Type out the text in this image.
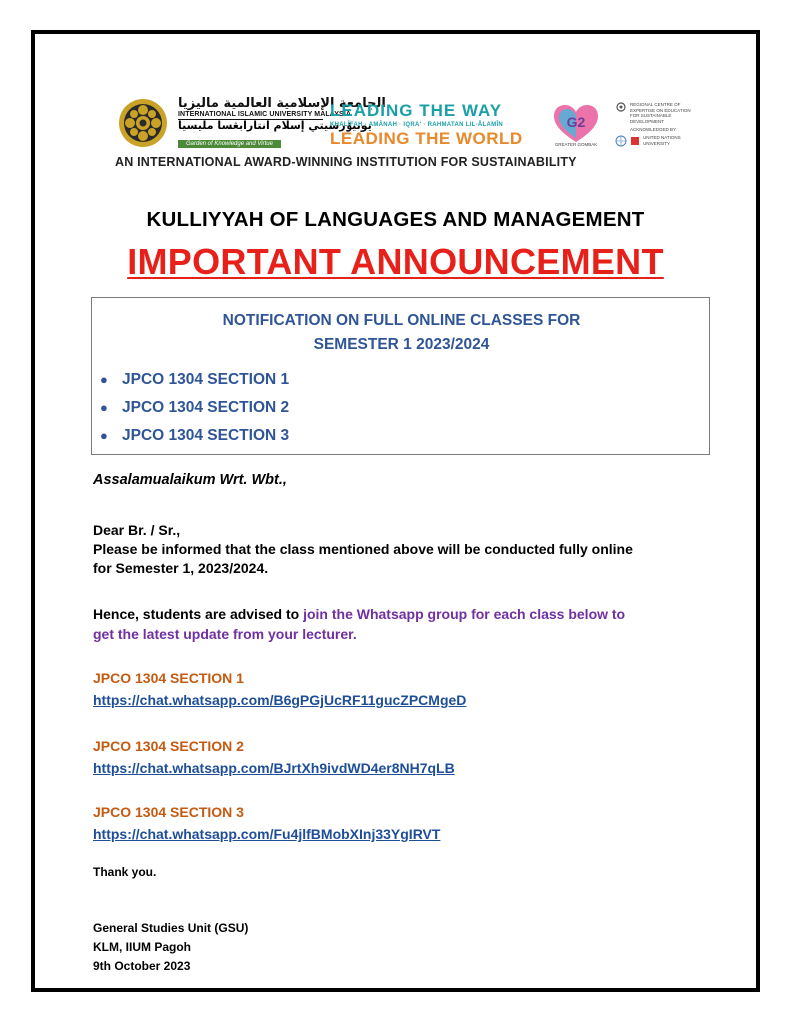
الجامعة الإسلامية العالمية ماليزيا
INTERNATIONAL ISLAMIC UNIVERSITY MALAYSIA
يونيۏرسيتي إسلام انتارابڠسا مليسيا
Garden of Knowledge and Virtue
LEADING THE WAY
KHALÎFAH · AMÂNAH · IQRA' · RAHMATAN LIL-ÂLAMÎN
LEADING THE WORLD
G2
GREATER GOMBAK
REGIONAL CENTRE OF EXPERTISE ON EDUCATION FOR SUSTAINABLE DEVELOPMENT
ACKNOWLEDGED BY
UNITED NATIONS UNIVERSITY
AN INTERNATIONAL AWARD-WINNING INSTITUTION FOR SUSTAINABILITY
KULLIYYAH OF LANGUAGES AND MANAGEMENT
IMPORTANT ANNOUNCEMENT
NOTIFICATION ON FULL ONLINE CLASSES FOR
SEMESTER 1 2023/2024
● JPCO 1304 SECTION 1
● JPCO 1304 SECTION 2
● JPCO 1304 SECTION 3
Assalamualaikum Wrt. Wbt.,
Dear Br. / Sr.,
Please be informed that the class mentioned above will be conducted fully online
for Semester 1, 2023/2024.
Hence, students are advised to join the Whatsapp group for each class below to
get the latest update from your lecturer.
JPCO 1304 SECTION 1
https://chat.whatsapp.com/B6gPGjUcRF11gucZPCMgeD
JPCO 1304 SECTION 2
https://chat.whatsapp.com/BJrtXh9ivdWD4er8NH7qLB
JPCO 1304 SECTION 3
https://chat.whatsapp.com/Fu4jlfBMobXInj33YgIRVT
Thank you.
General Studies Unit (GSU)
KLM, IIUM Pagoh
9th October 2023
